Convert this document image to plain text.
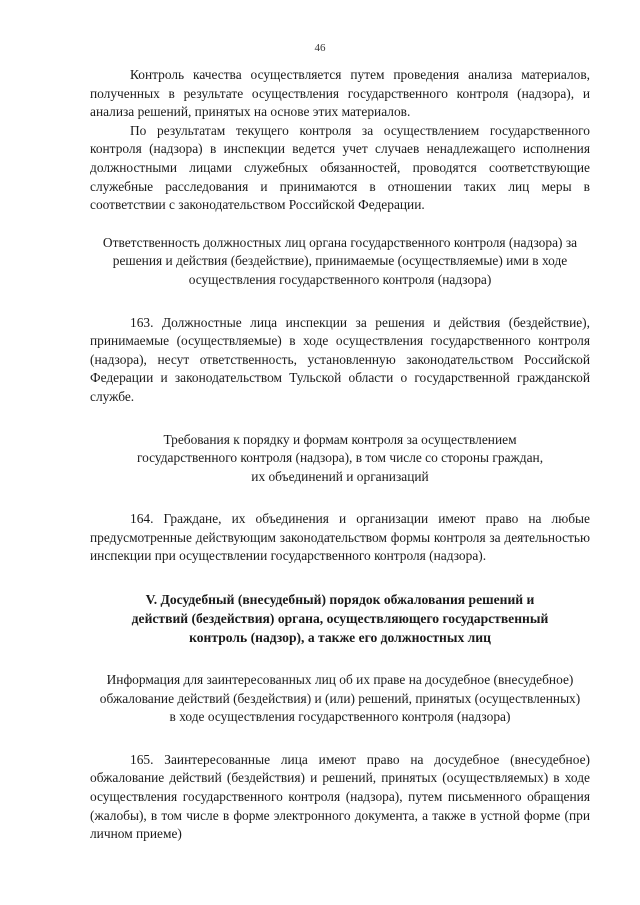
46

Контроль качества осуществляется путем проведения анализа материалов, полученных в результате осуществления государственного контроля (надзора), и анализа решений, принятых на основе этих материалов.

По результатам текущего контроля за осуществлением государственного контроля (надзора) в инспекции ведется учет случаев ненадлежащего исполнения должностными лицами служебных обязанностей, проводятся соответствующие служебные расследования и принимаются в отношении таких лиц меры в соответствии с законодательством Российской Федерации.

Ответственность должностных лиц органа государственного контроля (надзора) за решения и действия (бездействие), принимаемые (осуществляемые) ими в ходе осуществления государственного контроля (надзора)

163. Должностные лица инспекции за решения и действия (бездействие), принимаемые (осуществляемые) в ходе осуществления государственного контроля (надзора), несут ответственность, установленную законодательством Российской Федерации и законодательством Тульской области о государственной гражданской службе.

Требования к порядку и формам контроля за осуществлением государственного контроля (надзора), в том числе со стороны граждан, их объединений и организаций

164. Граждане, их объединения и организации имеют право на любые предусмотренные действующим законодательством формы контроля за деятельностью инспекции при осуществлении государственного контроля (надзора).

V. Досудебный (внесудебный) порядок обжалования решений и действий (бездействия) органа, осуществляющего государственный контроль (надзор), а также его должностных лиц
Информация для заинтересованных лиц об их праве на досудебное (внесудебное) обжалование действий (бездействия) и (или) решений, принятых (осуществленных) в ходе осуществления государственного контроля (надзора)

165. Заинтересованные лица имеют право на досудебное (внесудебное) обжалование действий (бездействия) и решений, принятых (осуществляемых) в ходе осуществления государственного контроля (надзора), путем письменного обращения (жалобы), в том числе в форме электронного документа, а также в устной форме (при личном приеме)
